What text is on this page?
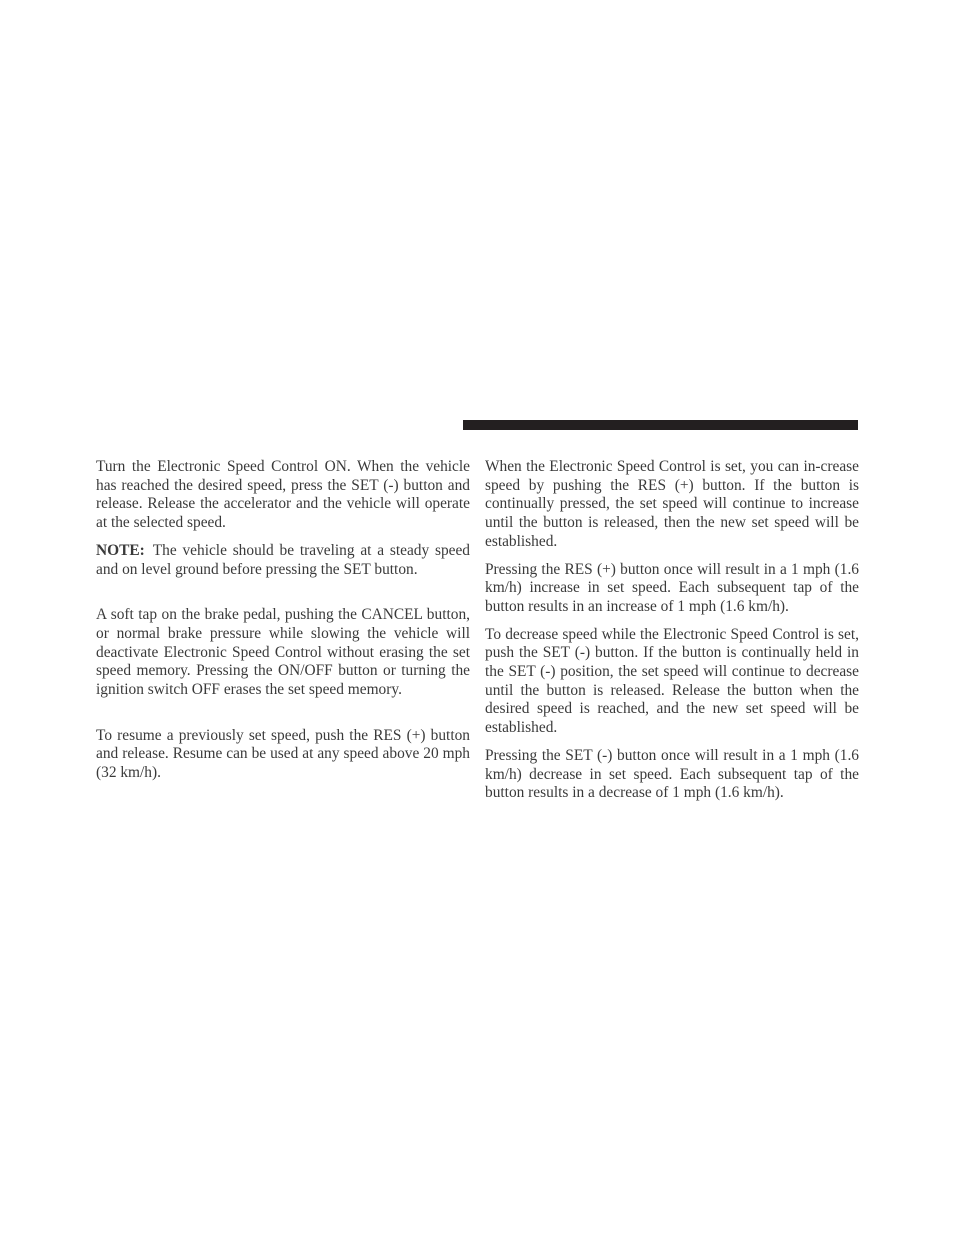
Turn the Electronic Speed Control ON. When the vehicle has reached the desired speed, press the SET (-) button and release. Release the accelerator and the vehicle will operate at the selected speed.

NOTE: The vehicle should be traveling at a steady speed and on level ground before pressing the SET button.

A soft tap on the brake pedal, pushing the CANCEL button, or normal brake pressure while slowing the vehicle will deactivate Electronic Speed Control without erasing the set speed memory. Pressing the ON/OFF button or turning the ignition switch OFF erases the set speed memory.

To resume a previously set speed, push the RES (+) button and release. Resume can be used at any speed above 20 mph (32 km/h).

When the Electronic Speed Control is set, you can in-crease speed by pushing the RES (+) button. If the button is continually pressed, the set speed will continue to increase until the button is released, then the new set speed will be established.

Pressing the RES (+) button once will result in a 1 mph (1.6 km/h) increase in set speed. Each subsequent tap of the button results in an increase of 1 mph (1.6 km/h).

To decrease speed while the Electronic Speed Control is set, push the SET (-) button. If the button is continually held in the SET (-) position, the set speed will continue to decrease until the button is released. Release the button when the desired speed is reached, and the new set speed will be established.

Pressing the SET (-) button once will result in a 1 mph (1.6 km/h) decrease in set speed. Each subsequent tap of the button results in a decrease of 1 mph (1.6 km/h).
